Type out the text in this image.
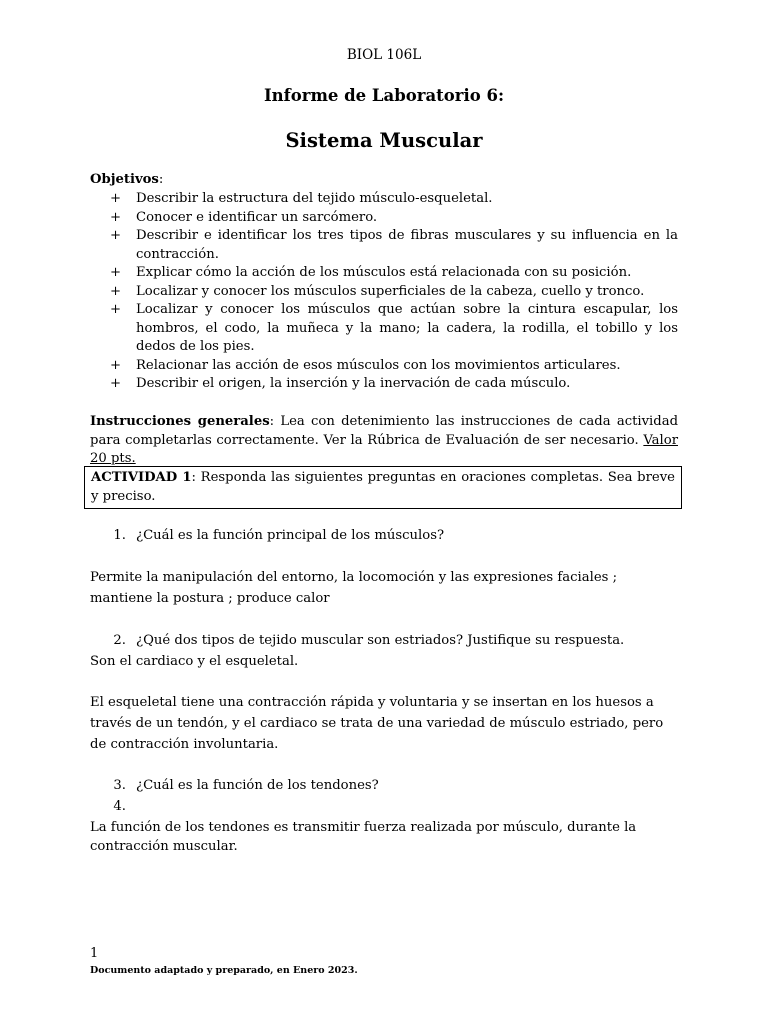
BIOL 106L
Informe de Laboratorio 6:
Sistema Muscular
Objetivos:
+ Describir la estructura del tejido músculo-esqueletal.
+ Conocer e identificar un sarcómero.
+ Describir e identificar los tres tipos de fibras musculares y su influencia en la contracción.
+ Explicar cómo la acción de los músculos está relacionada con su posición.
+ Localizar y conocer los músculos superficiales de la cabeza, cuello y tronco.
+ Localizar y conocer los músculos que actúan sobre la cintura escapular, los hombros, el codo, la muñeca y la mano; la cadera, la rodilla, el tobillo y los dedos de los pies.
+ Relacionar las acción de esos músculos con los movimientos articulares.
+ Describir el origen, la inserción y la inervación de cada músculo.
Instrucciones generales: Lea con detenimiento las instrucciones de cada actividad para completarlas correctamente. Ver la Rúbrica de Evaluación de ser necesario. Valor 20 pts.
ACTIVIDAD 1: Responda las siguientes preguntas en oraciones completas. Sea breve y preciso.
1. ¿Cuál es la función principal de los músculos?
Permite la manipulación del entorno, la locomoción y las expresiones faciales ; mantiene la postura ; produce calor
2. ¿Qué dos tipos de tejido muscular son estriados? Justifique su respuesta.
Son el cardiaco y el esqueletal.
El esqueletal tiene una contracción rápida y voluntaria y se insertan en los huesos a través de un tendón, y el cardiaco se trata de una variedad de músculo estriado, pero de contracción involuntaria.
3. ¿Cuál es la función de los tendones?
4.
La función de los tendones es transmitir fuerza realizada por músculo, durante la contracción muscular.
1
Documento adaptado y preparado, en Enero 2023.
